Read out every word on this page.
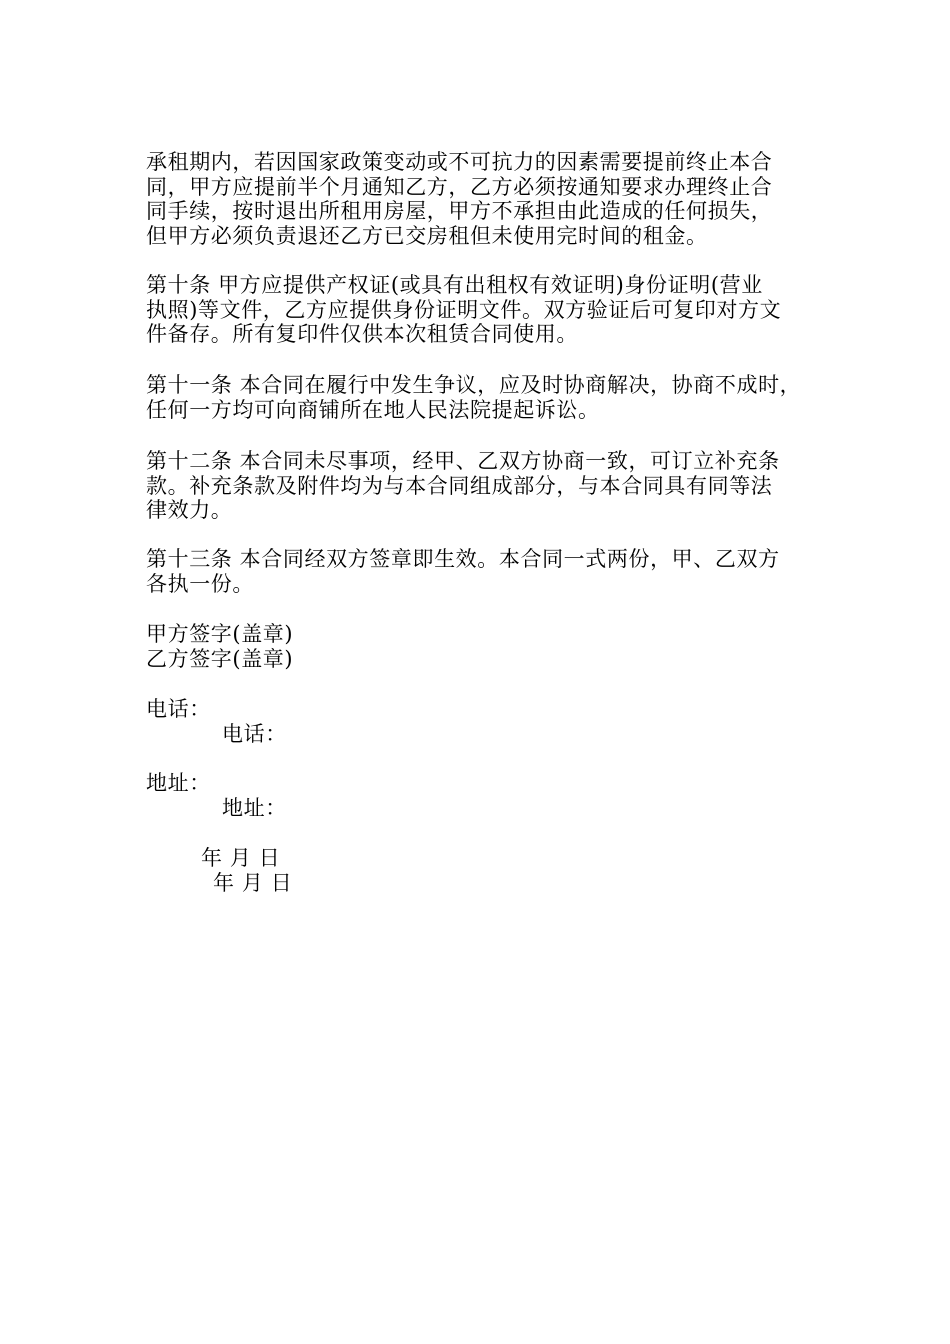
承租期内，若因国家政策变动或不可抗力的因素需要提前终止本合
同，甲方应提前半个月通知乙方，乙方必须按通知要求办理终止合
同手续，按时退出所租用房屋，甲方不承担由此造成的任何损失，
但甲方必须负责退还乙方已交房租但未使用完时间的租金。

第十条 甲方应提供产权证(或具有出租权有效证明)身份证明(营业
执照)等文件，乙方应提供身份证明文件。双方验证后可复印对方文
件备存。所有复印件仅供本次租赁合同使用。

第十一条 本合同在履行中发生争议，应及时协商解决，协商不成时，
任何一方均可向商铺所在地人民法院提起诉讼。

第十二条 本合同未尽事项，经甲、乙双方协商一致，可订立补充条
款。补充条款及附件均为与本合同组成部分，与本合同具有同等法
律效力。

第十三条 本合同经双方签章即生效。本合同一式两份，甲、乙双方
各执一份。

甲方签字(盖章)

乙方签字(盖章)

电话：

电话：

地址：

地址：

年 月 日

年 月 日
